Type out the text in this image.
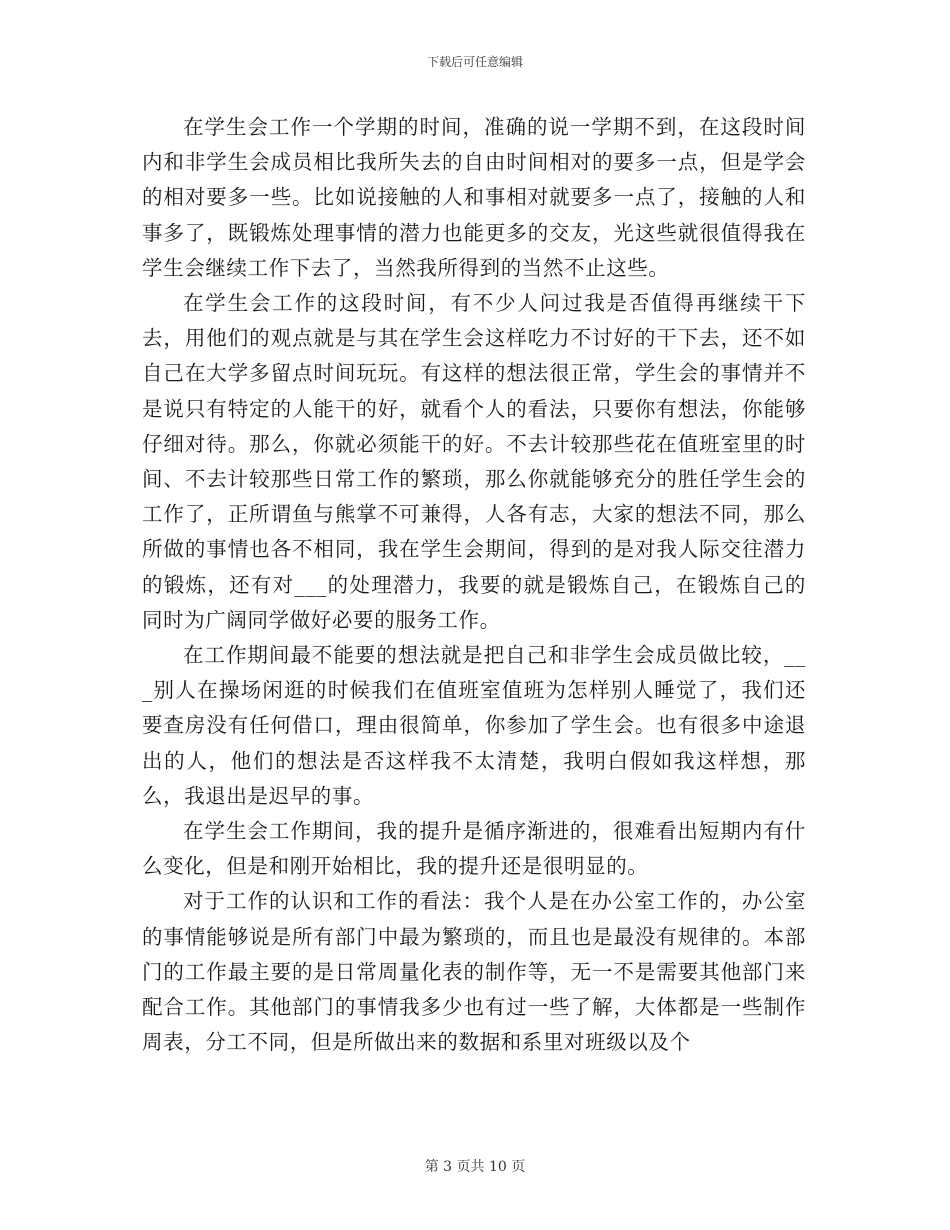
下载后可任意编辑

在学生会工作一个学期的时间，准确的说一学期不到，在这段时间内和非学生会成员相比我所失去的自由时间相对的要多一点，但是学会的相对要多一些。比如说接触的人和事相对就要多一点了，接触的人和事多了，既锻炼处理事情的潜力也能更多的交友，光这些就很值得我在学生会继续工作下去了，当然我所得到的当然不止这些。

在学生会工作的这段时间，有不少人问过我是否值得再继续干下去，用他们的观点就是与其在学生会这样吃力不讨好的干下去，还不如自己在大学多留点时间玩玩。有这样的想法很正常，学生会的事情并不是说只有特定的人能干的好，就看个人的看法，只要你有想法，你能够仔细对待。那么，你就必须能干的好。不去计较那些花在值班室里的时间、不去计较那些日常工作的繁琐，那么你就能够充分的胜任学生会的工作了，正所谓鱼与熊掌不可兼得，人各有志，大家的想法不同，那么所做的事情也各不相同，我在学生会期间，得到的是对我人际交往潜力的锻炼，还有对___的处理潜力，我要的就是锻炼自己，在锻炼自己的同时为广阔同学做好必要的服务工作。

在工作期间最不能要的想法就是把自己和非学生会成员做比较，___别人在操场闲逛的时候我们在值班室值班为怎样别人睡觉了，我们还要查房没有任何借口，理由很简单，你参加了学生会。也有很多中途退出的人，他们的想法是否这样我不太清楚，我明白假如我这样想，那么，我退出是迟早的事。

在学生会工作期间，我的提升是循序渐进的，很难看出短期内有什么变化，但是和刚开始相比，我的提升还是很明显的。

对于工作的认识和工作的看法：我个人是在办公室工作的，办公室的事情能够说是所有部门中最为繁琐的，而且也是最没有规律的。本部门的工作最主要的是日常周量化表的制作等，无一不是需要其他部门来配合工作。其他部门的事情我多少也有过一些了解，大体都是一些制作周表，分工不同，但是所做出来的数据和系里对班级以及个

第 3 页共 10 页
